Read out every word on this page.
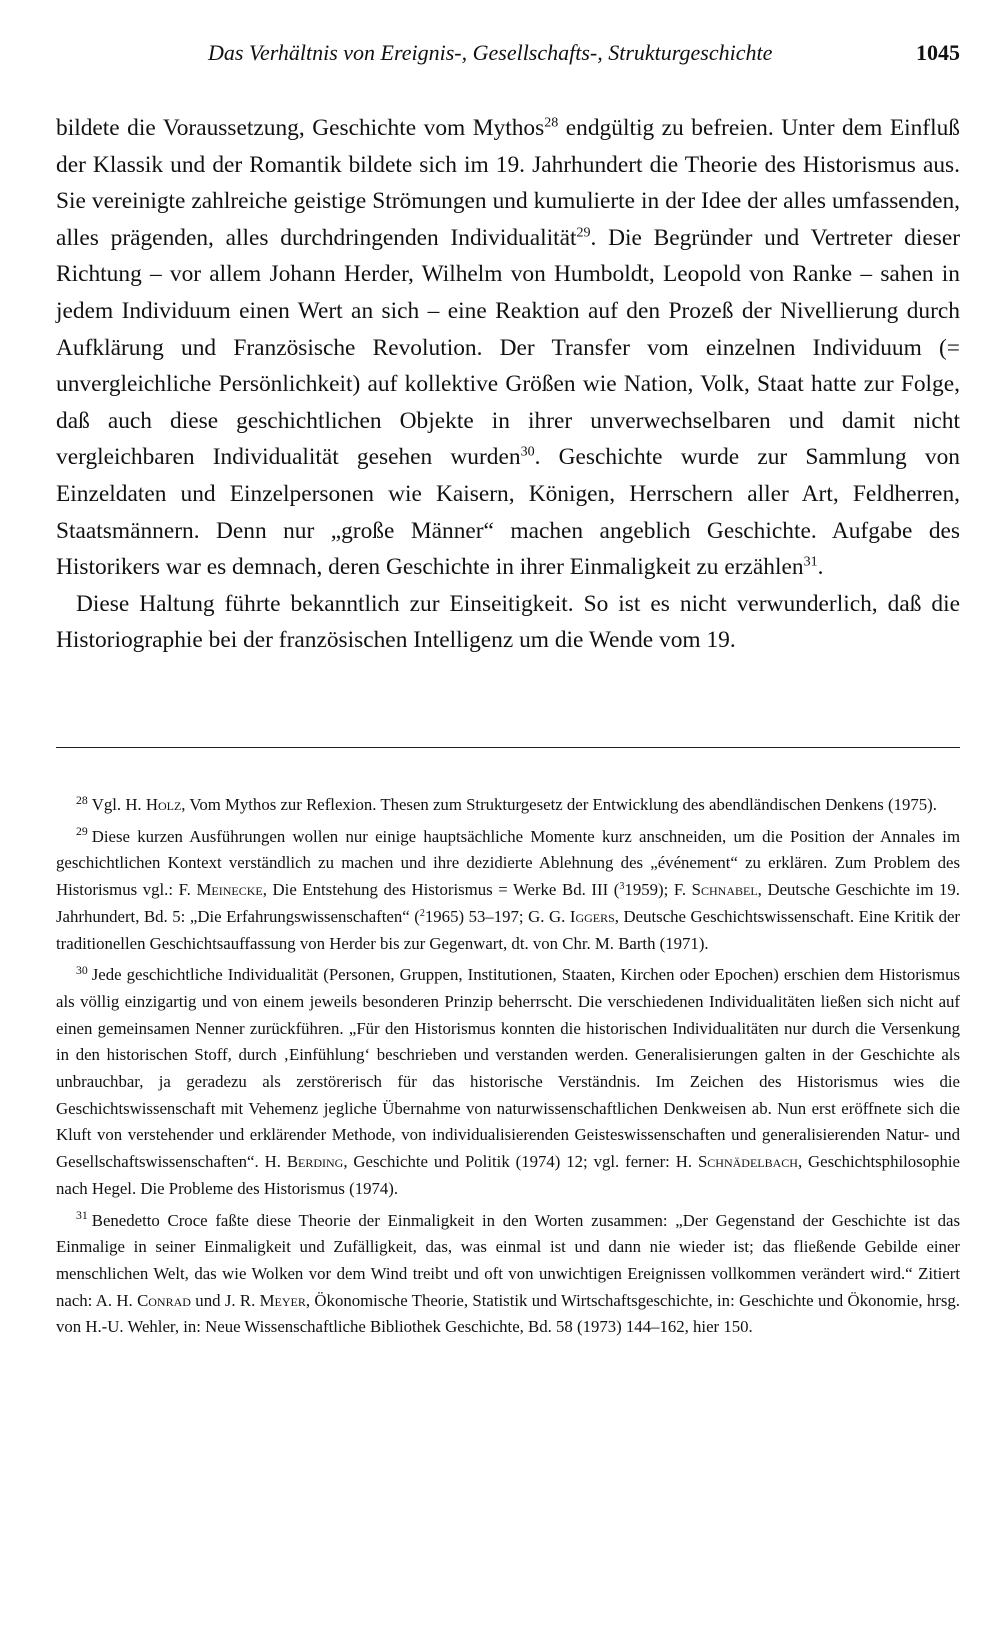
Das Verhältnis von Ereignis-, Gesellschafts-, Strukturgeschichte	1045

bildete die Voraussetzung, Geschichte vom Mythos$^{28}$ endgültig zu befreien. Unter dem Einfluß der Klassik und der Romantik bildete sich im 19. Jahrhundert die Theorie des Historismus aus. Sie vereinigte zahlreiche geistige Strömungen und kumulierte in der Idee der alles umfassenden, alles prägenden, alles durchdringenden Individualität$^{29}$. Die Begründer und Vertreter dieser Richtung – vor allem Johann Herder, Wilhelm von Humboldt, Leopold von Ranke – sahen in jedem Individuum einen Wert an sich – eine Reaktion auf den Prozeß der Nivellierung durch Aufklärung und Französische Revolution. Der Transfer vom einzelnen Individuum (= unvergleichliche Persönlichkeit) auf kollektive Größen wie Nation, Volk, Staat hatte zur Folge, daß auch diese geschichtlichen Objekte in ihrer unverwechselbaren und damit nicht vergleichbaren Individualität gesehen wurden$^{30}$. Geschichte wurde zur Sammlung von Einzeldaten und Einzelpersonen wie Kaisern, Königen, Herrschern aller Art, Feldherren, Staatsmännern. Denn nur „große Männer“ machen angeblich Geschichte. Aufgabe des Historikers war es demnach, deren Geschichte in ihrer Einmaligkeit zu erzählen$^{31}$.

Diese Haltung führte bekanntlich zur Einseitigkeit. So ist es nicht verwunderlich, daß die Historiographie bei der französischen Intelligenz um die Wende vom 19.

$^{28}$ Vgl. H. Holz, Vom Mythos zur Reflexion. Thesen zum Strukturgesetz der Entwicklung des abendländischen Denkens (1975).

$^{29}$ Diese kurzen Ausführungen wollen nur einige hauptsächliche Momente kurz anschneiden, um die Position der Annales im geschichtlichen Kontext verständlich zu machen und ihre dezidierte Ablehnung des „événement“ zu erklären. Zum Problem des Historismus vgl.: F. Meinecke, Die Entstehung des Historismus = Werke Bd. III ($^3$1959); F. Schnabel, Deutsche Geschichte im 19. Jahrhundert, Bd. 5: „Die Erfahrungswissenschaften“ ($^2$1965) 53–197; G. G. Iggers, Deutsche Geschichtswissenschaft. Eine Kritik der traditionellen Geschichtsauffassung von Herder bis zur Gegenwart, dt. von Chr. M. Barth (1971).

$^{30}$ Jede geschichtliche Individualität (Personen, Gruppen, Institutionen, Staaten, Kirchen oder Epochen) erschien dem Historismus als völlig einzigartig und von einem jeweils besonderen Prinzip beherrscht. Die verschiedenen Individualitäten ließen sich nicht auf einen gemeinsamen Nenner zurückführen. „Für den Historismus konnten die historischen Individualitäten nur durch die Versenkung in den historischen Stoff, durch ‚Einfühlung‘ beschrieben und verstanden werden. Generalisierungen galten in der Geschichte als unbrauchbar, ja geradezu als zerstörerisch für das historische Verständnis. Im Zeichen des Historismus wies die Geschichtswissenschaft mit Vehemenz jegliche Übernahme von naturwissenschaftlichen Denkweisen ab. Nun erst eröffnete sich die Kluft von verstehender und erklärender Methode, von individualisierenden Geisteswissenschaften und generalisierenden Natur- und Gesellschaftswissenschaften“. H. Berding, Geschichte und Politik (1974) 12; vgl. ferner: H. Schnädelbach, Geschichtsphilosophie nach Hegel. Die Probleme des Historismus (1974).

$^{31}$ Benedetto Croce faßte diese Theorie der Einmaligkeit in den Worten zusammen: „Der Gegenstand der Geschichte ist das Einmalige in seiner Einmaligkeit und Zufälligkeit, das, was einmal ist und dann nie wieder ist; das fließende Gebilde einer menschlichen Welt, das wie Wolken vor dem Wind treibt und oft von unwichtigen Ereignissen vollkommen verändert wird.“ Zitiert nach: A. H. Conrad und J. R. Meyer, Ökonomische Theorie, Statistik und Wirtschaftsgeschichte, in: Geschichte und Ökonomie, hrsg. von H.-U. Wehler, in: Neue Wissenschaftliche Bibliothek Geschichte, Bd. 58 (1973) 144–162, hier 150.
